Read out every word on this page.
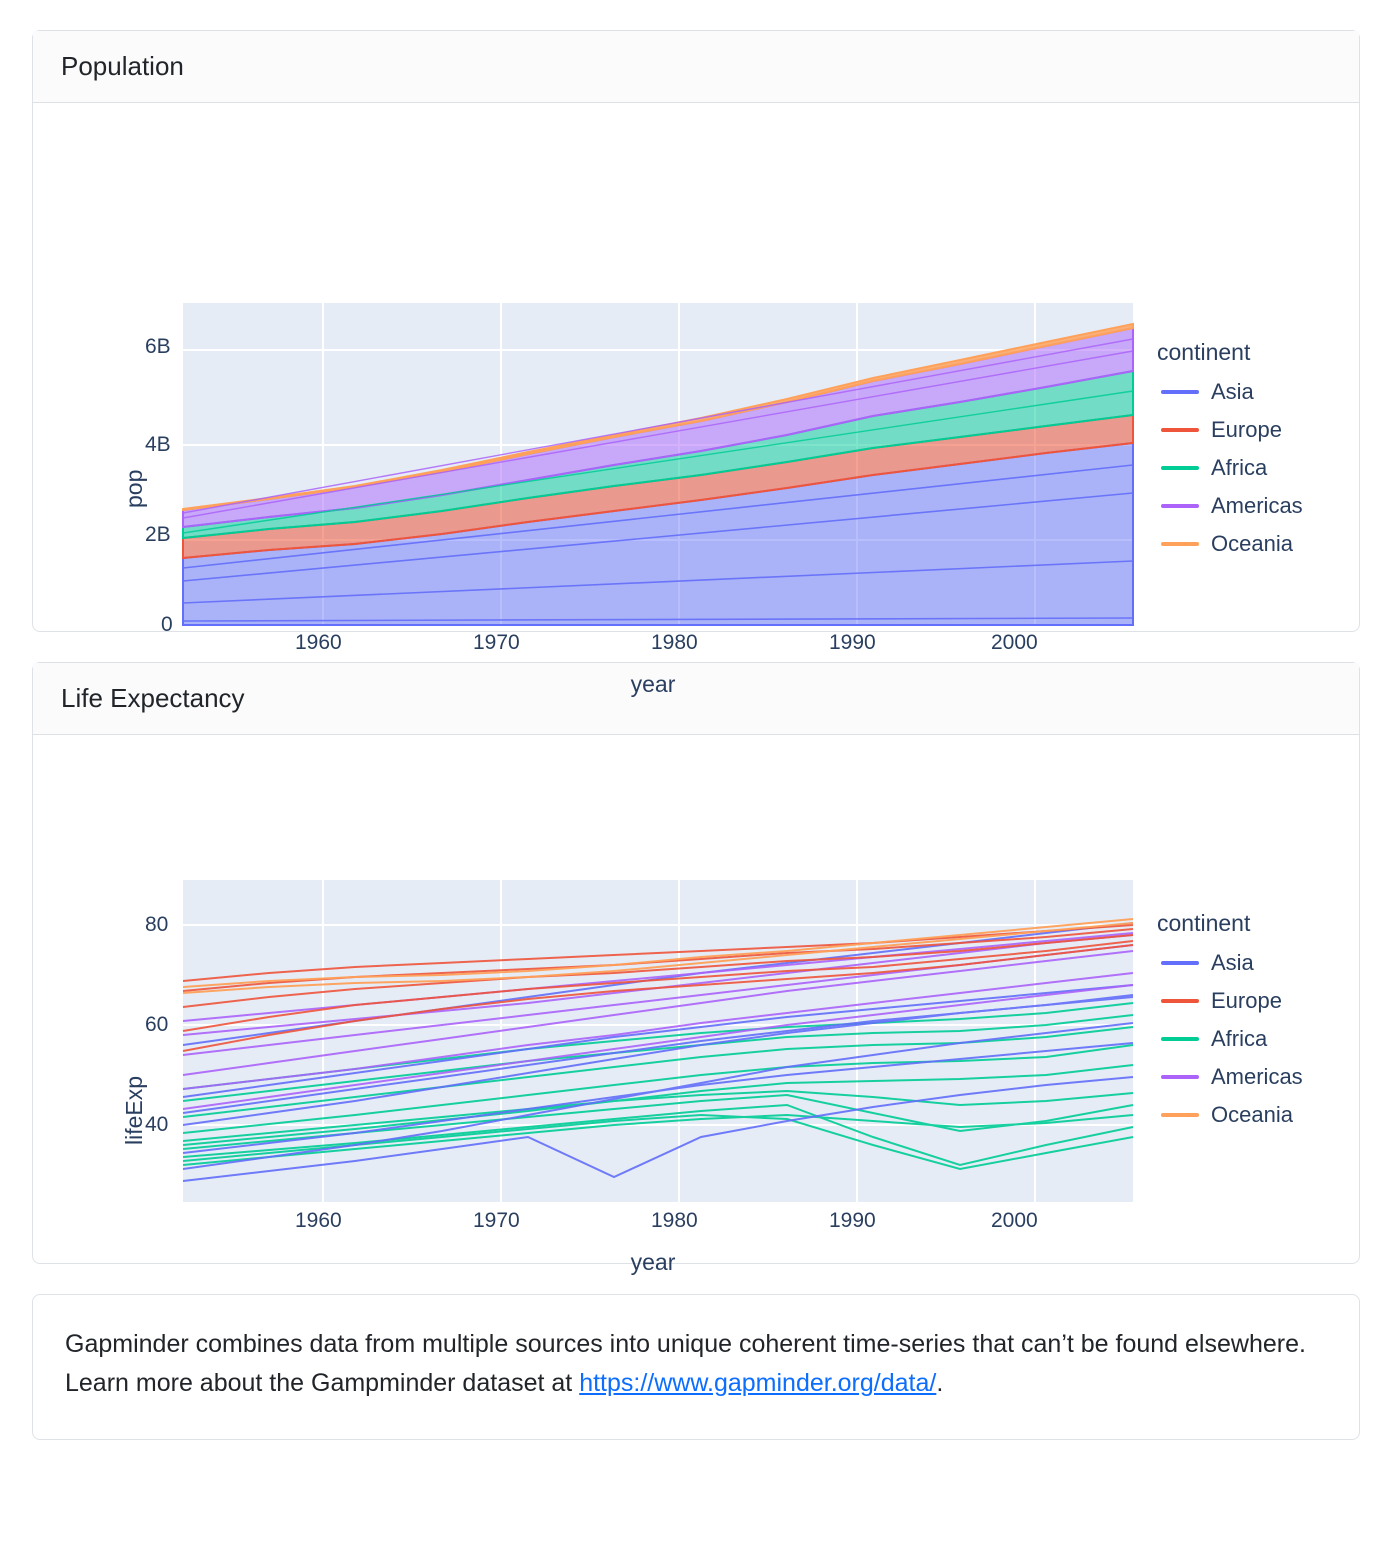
Population
pop
6B
4B
2B
0
1960	1970	1980	1990	2000
year
continent
Asia
Europe
Africa
Americas
Oceania
Life Expectancy
lifeExp
80
60
40
1960	1970	1980	1990	2000
year
continent
Asia
Europe
Africa
Americas
Oceania
Gapminder combines data from multiple sources into unique coherent time-series that can’t be found elsewhere. Learn more about the Gampminder dataset at https://www.gapminder.org/data/.
